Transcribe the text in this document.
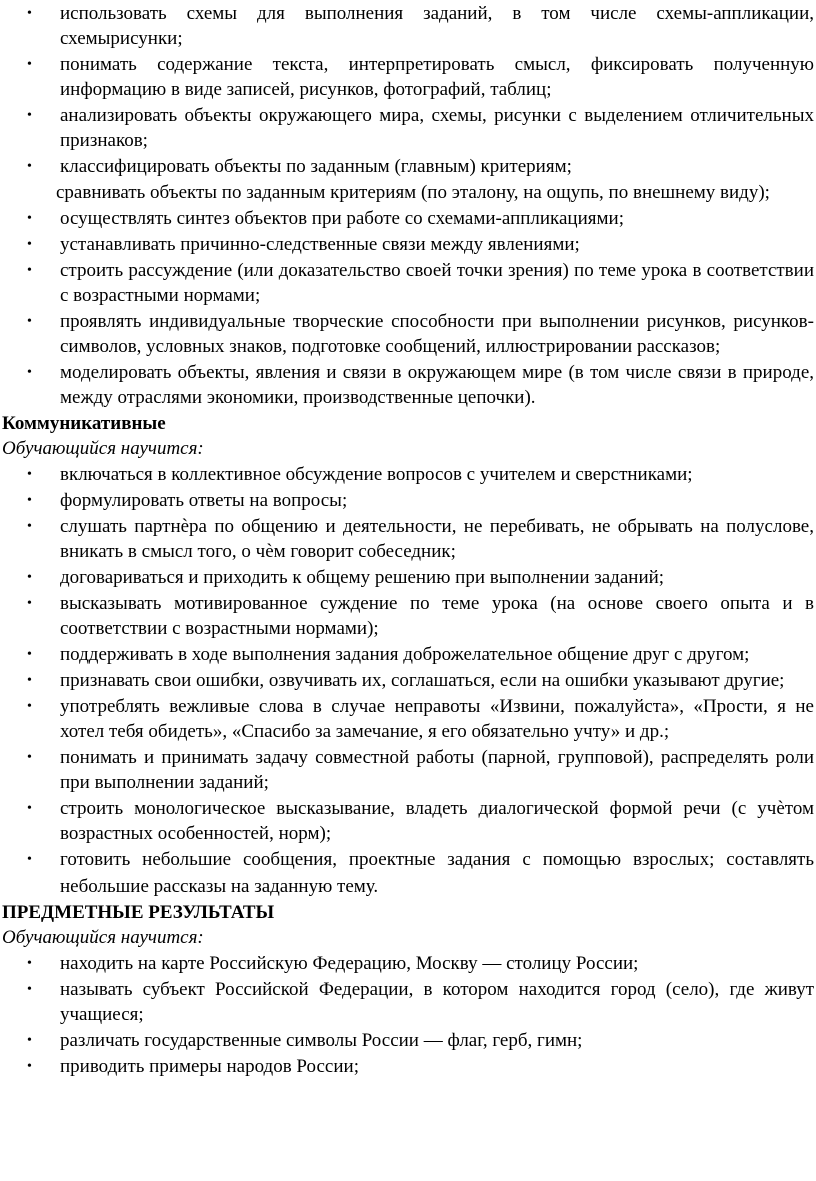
• использовать схемы для выполнения заданий, в том числе схемы-аппликации, схемырисунки;
• понимать содержание текста, интерпретировать смысл, фиксировать полученную информацию в виде записей, рисунков, фотографий, таблиц;
• анализировать объекты окружающего мира, схемы, рисунки с выделением отличительных признаков;
• классифицировать объекты по заданным (главным) критериям;
сравнивать объекты по заданным критериям (по эталону, на ощупь, по внешнему виду);
• осуществлять синтез объектов при работе со схемами-аппликациями;
• устанавливать причинно-следственные связи между явлениями;
• строить рассуждение (или доказательство своей точки зрения) по теме урока в соответствии с возрастными нормами;
• проявлять индивидуальные творческие способности при выполнении рисунков, рисунков-символов, условных знаков, подготовке сообщений, иллюстрировании рассказов;
• моделировать объекты, явления и связи в окружающем мире (в том числе связи в природе, между отраслями экономики, производственные цепочки).
Коммуникативные
Обучающийся научится:
• включаться в коллективное обсуждение вопросов с учителем и сверстниками;
• формулировать ответы на вопросы;
• слушать партнѐра по общению и деятельности, не перебивать, не обрывать на полуслове, вникать в смысл того, о чѐм говорит собеседник;
• договариваться и приходить к общему решению при выполнении заданий;
• высказывать мотивированное суждение по теме урока (на основе своего опыта и в соответствии с возрастными нормами);
• поддерживать в ходе выполнения задания доброжелательное общение друг с другом;
• признавать свои ошибки, озвучивать их, соглашаться, если на ошибки указывают другие;
• употреблять вежливые слова в случае неправоты «Извини, пожалуйста», «Прости, я не хотел тебя обидеть», «Спасибо за замечание, я его обязательно учту» и др.;
• понимать и принимать задачу совместной работы (парной, групповой), распределять роли при выполнении заданий;
• строить монологическое высказывание, владеть диалогической формой речи (с учѐтом возрастных особенностей, норм);
• готовить небольшие сообщения, проектные задания с помощью взрослых; составлять небольшие рассказы на заданную тему.
ПРЕДМЕТНЫЕ РЕЗУЛЬТАТЫ
Обучающийся научится:
• находить на карте Российскую Федерацию, Москву — столицу России;
• называть субъект Российской Федерации, в котором находится город (село), где живут учащиеся;
• различать государственные символы России — флаг, герб, гимн;
• приводить примеры народов России;
